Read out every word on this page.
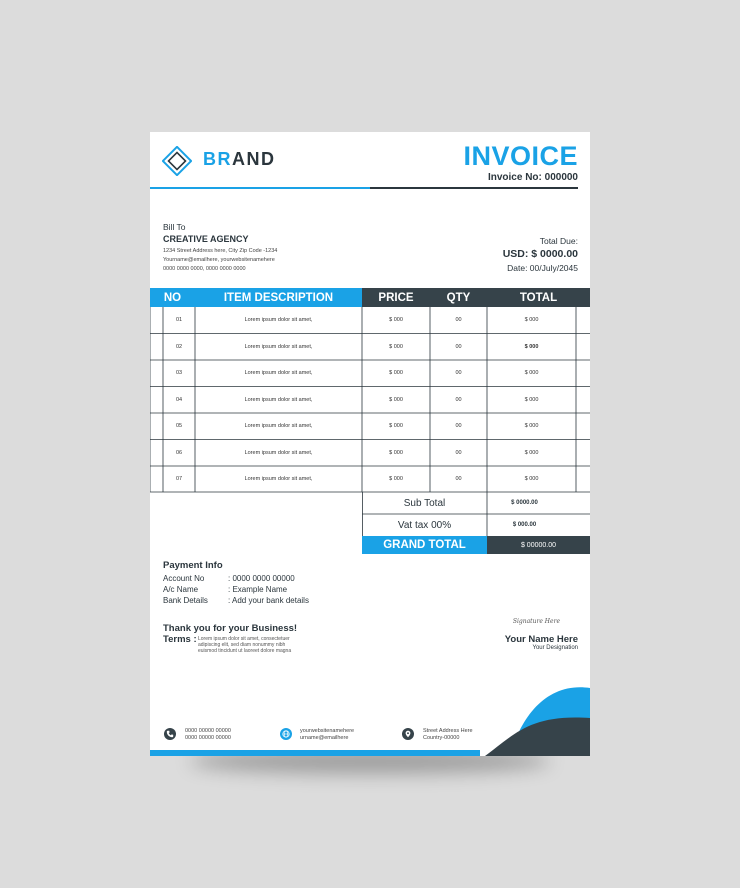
BRAND	INVOICE
Invoice No: 000000
Bill To
CREATIVE AGENCY
1234 Street Address here, City Zip Code -1234
Yourname@emailhere, yourwebsitenamehere
0000 0000 0000, 0000 0000 0000
Total Due:
USD: $ 0000.00
Date: 00/July/2045
NO	ITEM DESCRIPTION	PRICE	QTY	TOTAL
01	Lorem ipsum dolor sit amet,	$ 000	00	$ 000
02	Lorem ipsum dolor sit amet,	$ 000	00	$ 000
03	Lorem ipsum dolor sit amet,	$ 000	00	$ 000
04	Lorem ipsum dolor sit amet,	$ 000	00	$ 000
05	Lorem ipsum dolor sit amet,	$ 000	00	$ 000
06	Lorem ipsum dolor sit amet,	$ 000	00	$ 000
07	Lorem ipsum dolor sit amet,	$ 000	00	$ 000
Sub Total	$ 0000.00
Vat tax 00%	$ 000.00
GRAND TOTAL	$ 00000.00
Payment Info
Account No	: 0000 0000 00000
A/c Name	: Example Name
Bank Details	: Add your bank details
Thank you for your Business!
Terms : Lorem ipsum dolor sit amet, consectetuer
adipiscing elit, sed diam nonummy nibh
euismod tincidunt ut laoreet dolore magna
Signature Here
Your Name Here
Your Designation
0000 00000 00000
0000 00000 00000
yourwebsitenamehere
urname@emailhere
Street Address Here
Country-00000
